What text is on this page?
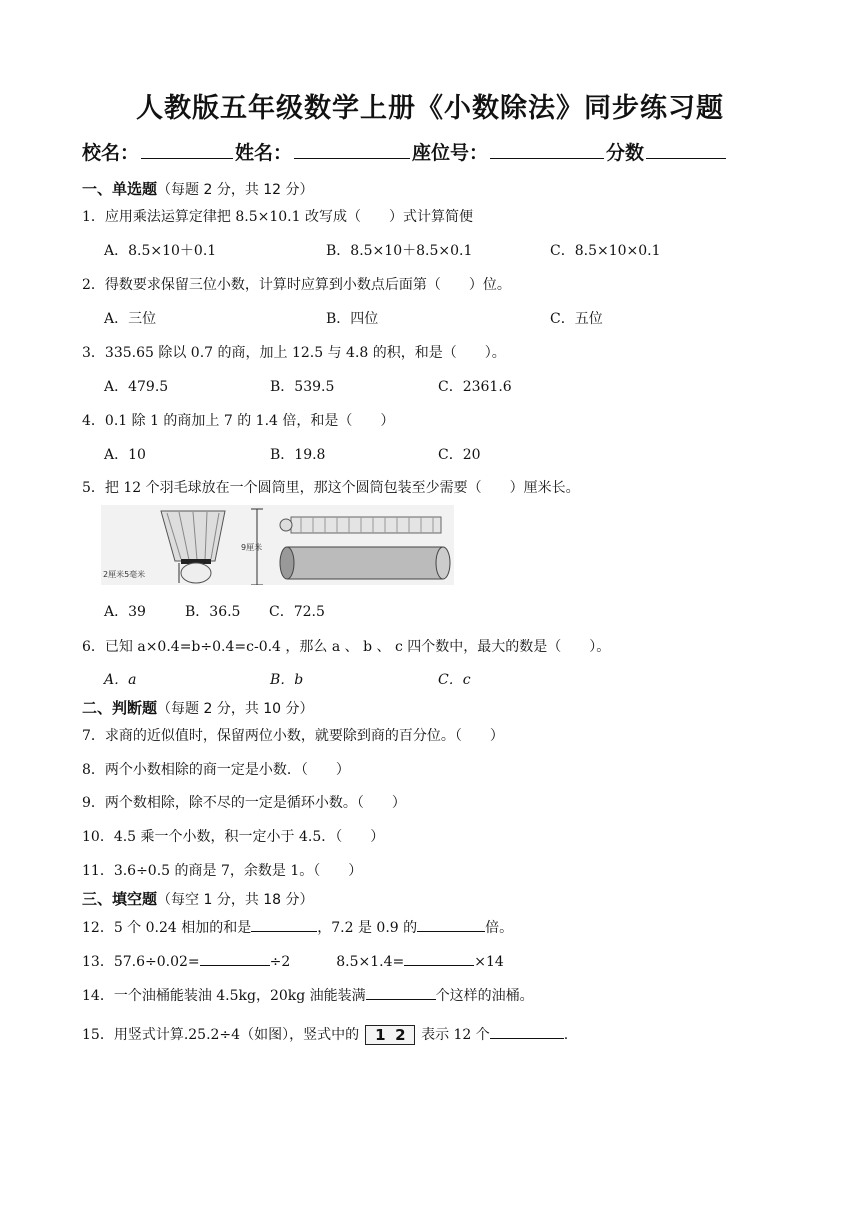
人教版五年级数学上册《小数除法》同步练习题
校名：	姓名：	座位号：	分数
一、单选题（每题 2 分，共 12 分）
1．应用乘法运算定律把 8.5×10.1 改写成（　　）式计算简便
A．8.5×10＋0.1	B．8.5×10＋8.5×0.1	C．8.5×10×0.1
2．得数要求保留三位小数，计算时应算到小数点后面第（　　）位。
A．三位	B．四位	C．五位
3．335.65 除以 0.7 的商，加上 12.5 与 4.8 的积，和是（　　）。
A．479.5	B．539.5	C．2361.6
4．0.1 除 1 的商加上 7 的 1.4 倍，和是（　　）
A．10	B．19.8	C．20
5．把 12 个羽毛球放在一个圆筒里，那这个圆筒包装至少需要（　　）厘米长。
9厘米
2厘米5毫米
A．39	B．36.5 C．72.5
6．已知 a×0.4=b÷0.4=c-0.4 ，那么 a 、 b 、 c 四个数中，最大的数是（　　）。
A．a	B．b	C．c
二、判断题（每题 2 分，共 10 分）
7．求商的近似值时，保留两位小数，就要除到商的百分位。（　　）
8．两个小数相除的商一定是小数．（　　）
9．两个数相除，除不尽的一定是循环小数。（　　）
10．4.5 乘一个小数，积一定小于 4.5．（　　）
11．3.6÷0.5 的商是 7，余数是 1。（　　）
三、填空题（每空 1 分，共 18 分）
12．5 个 0.24 相加的和是	，7.2 是 0.9 的	倍。
13．57.6÷0.02=	÷2	8.5×1.4=	×14
14．一个油桶能装油 4.5kg，20kg 油能装满	个这样的油桶。
15．用竖式计算.25.2÷4（如图），竖式中的 1 2 表示 12 个	.
